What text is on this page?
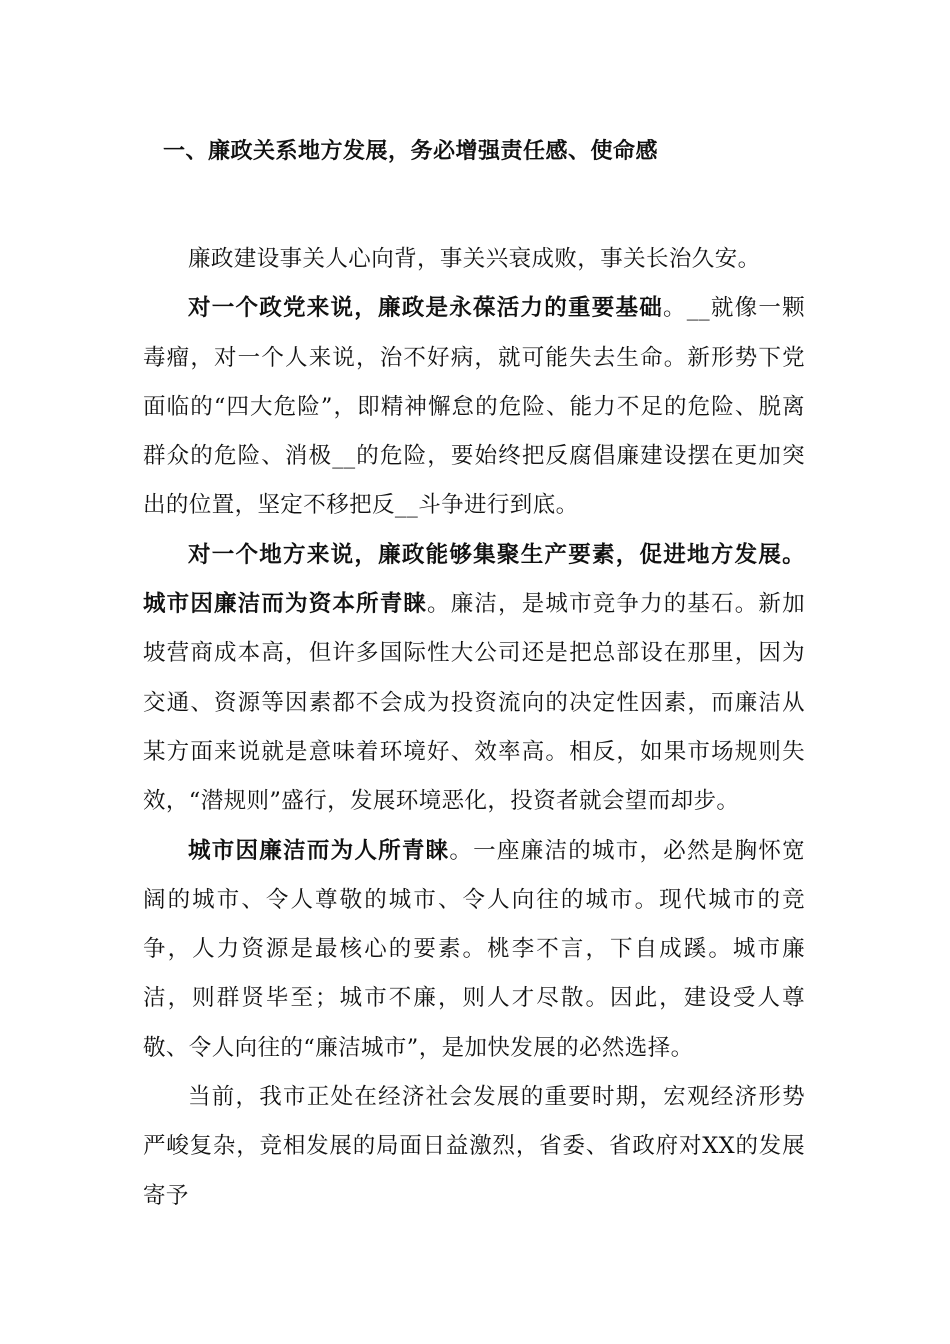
一、廉政关系地方发展，务必增强责任感、使命感

廉政建设事关人心向背，事关兴衰成败，事关长治久安。

对一个政党来说，廉政是永葆活力的重要基础。__就像一颗毒瘤，对一个人来说，治不好病，就可能失去生命。新形势下党面临的“四大危险”，即精神懈怠的危险、能力不足的危险、脱离群众的危险、消极__的危险，要始终把反腐倡廉建设摆在更加突出的位置，坚定不移把反__斗争进行到底。

对一个地方来说，廉政能够集聚生产要素，促进地方发展。城市因廉洁而为资本所青睐。廉洁，是城市竞争力的基石。新加坡营商成本高，但许多国际性大公司还是把总部设在那里，因为交通、资源等因素都不会成为投资流向的决定性因素，而廉洁从某方面来说就是意味着环境好、效率高。相反，如果市场规则失效，“潜规则”盛行，发展环境恶化，投资者就会望而却步。

城市因廉洁而为人所青睐。一座廉洁的城市，必然是胸怀宽阔的城市、令人尊敬的城市、令人向往的城市。现代城市的竞争，人力资源是最核心的要素。桃李不言，下自成蹊。城市廉洁，则群贤毕至；城市不廉，则人才尽散。因此，建设受人尊敬、令人向往的“廉洁城市”，是加快发展的必然选择。

当前，我市正处在经济社会发展的重要时期，宏观经济形势严峻复杂，竞相发展的局面日益激烈，省委、省政府对XX的发展寄予
